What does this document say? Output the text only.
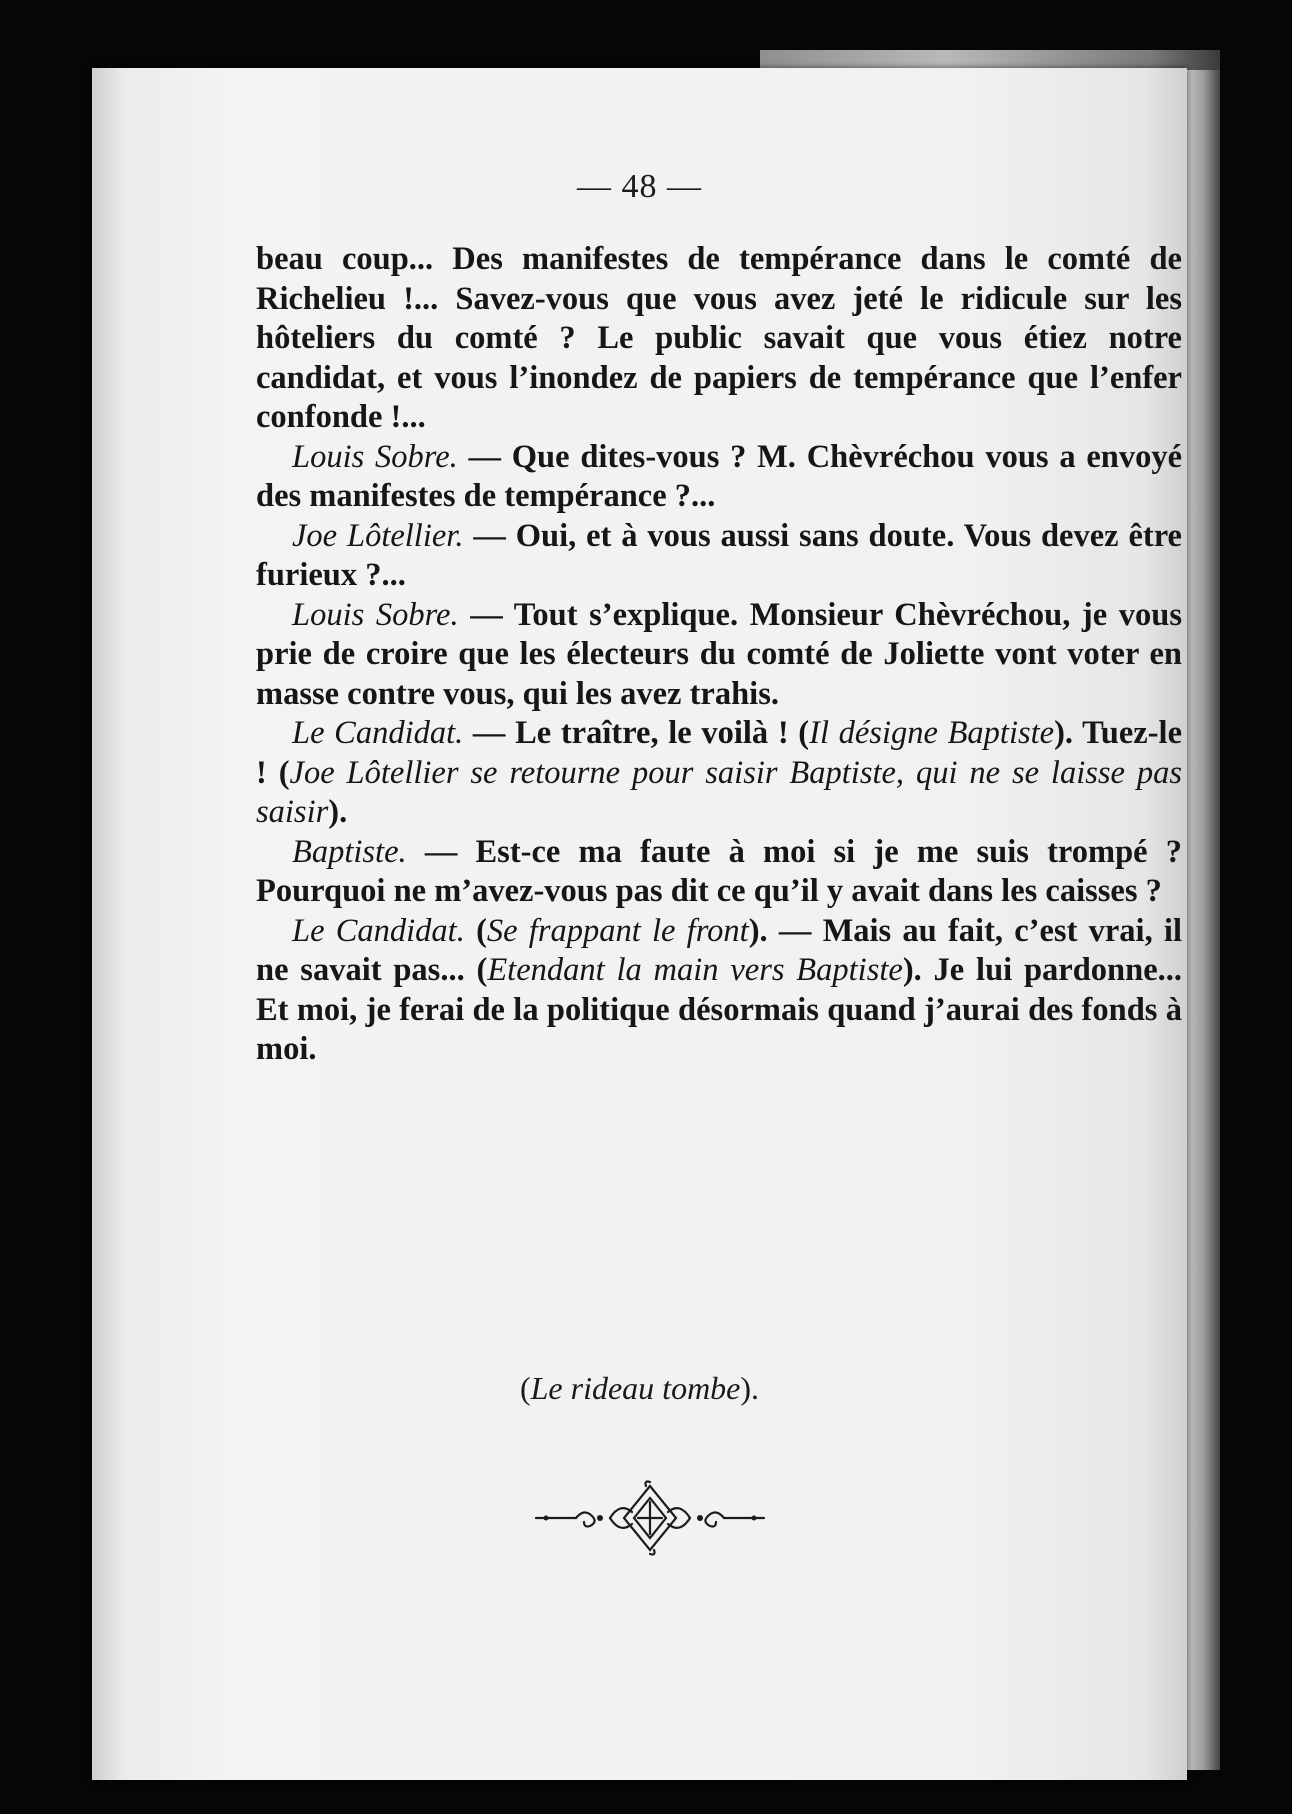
— 48 —

beau coup... Des manifestes de tempérance dans le comté de Richelieu !... Savez-vous que vous avez jeté le ridicule sur les hôteliers du comté ? Le public savait que vous étiez notre candidat, et vous l’inondez de papiers de tempérance que l’enfer confonde !...

Louis Sobre. — Que dites-vous ? M. Chèvréchou vous a envoyé des manifestes de tempérance ?...

Joe Lôtellier. — Oui, et à vous aussi sans doute. Vous devez être furieux ?...

Louis Sobre. — Tout s’explique. Monsieur Chèvréchou, je vous prie de croire que les électeurs du comté de Joliette vont voter en masse contre vous, qui les avez trahis.

Le Candidat. — Le traître, le voilà ! (Il désigne Baptiste). Tuez-le ! (Joe Lôtellier se retourne pour saisir Baptiste, qui ne se laisse pas saisir).

Baptiste. — Est-ce ma faute à moi si je me suis trompé ? Pourquoi ne m’avez-vous pas dit ce qu’il y avait dans les caisses ?

Le Candidat. (Se frappant le front). — Mais au fait, c’est vrai, il ne savait pas... (Etendant la main vers Baptiste). Je lui pardonne... Et moi, je ferai de la politique désormais quand j’aurai des fonds à moi.

(Le rideau tombe).
